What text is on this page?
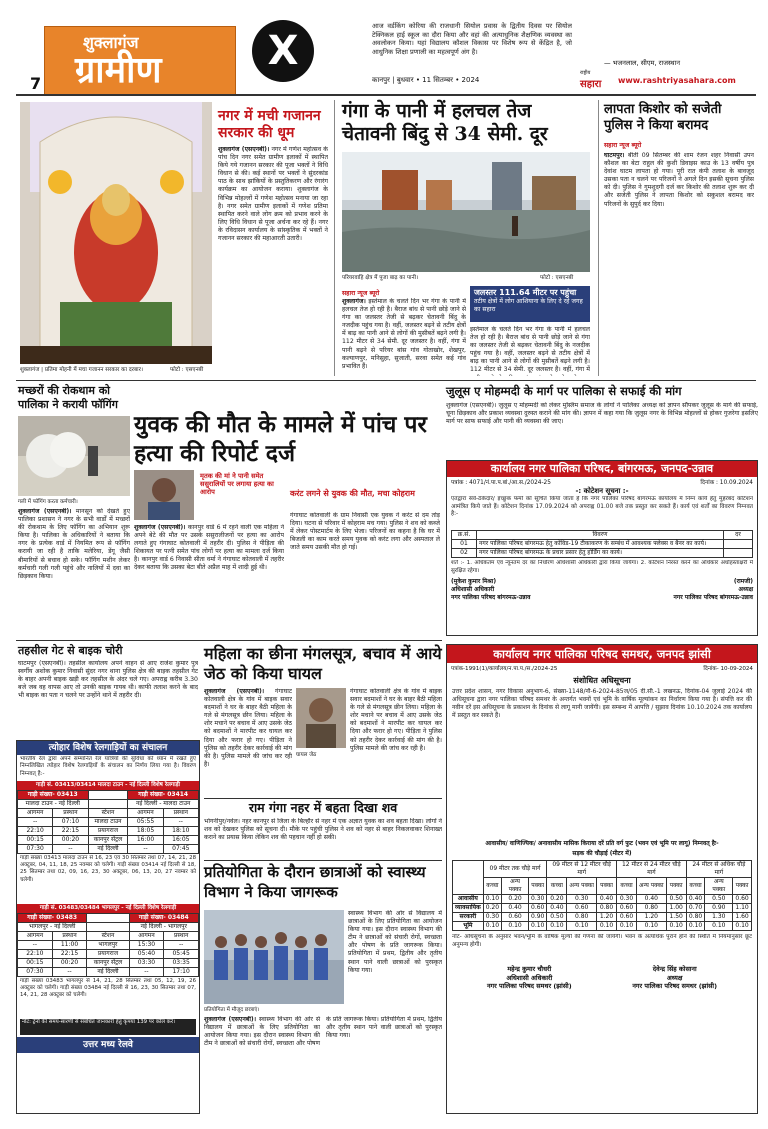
शुक्लागंज
ग्रामीण
7
X
आज वर्डकिंग कोरिया की राजधानी सियोल प्रवास के द्वितीय दिवस पर सियोल टेक्निकल हाई स्कूल का दौरा किया और वहां की अत्याधुनिक शैक्षणिक व्यवस्था का अवलोकन किया। यहां विद्यालय कौशल विकास पर विशेष रूप से केंद्रित है, जो आधुनिक शिक्षा प्रणाली का महत्वपूर्ण अंग है।
— भजनलाल, सीएम, राजस्थान
कानपुर | बुधवार • 11 सितम्बर • 2024
राष्ट्रीय
सहारा www.rashtriyasahara.com
शुक्लागंज | प्रतिमा मोहनी में मचा गजानन सरकार का दरबार।	फोटो : एसएनबी
नगर में मची गजानन सरकार की धूम
शुक्लागंज (एसएनबी)। नगर में गणेश महोत्सव के पांच दिन नगर समेत ग्रामीण इलाकों में स्थापित किये गये गजानन सरकार की पूजा भक्तों ने विधि विधान से की। कई स्थानों पर भक्तों ने सुंदरकांड पाठ के साथ झांकियों के प्रस्तुतिकरण और रंगारंग कार्यक्रम का आयोजन कराया। शुक्लागंज के विभिन्न मोहल्लों में गणेश महोत्सव मनाया जा रहा है। नगर समेत ग्रामीण इलाकों में गणेश प्रतिमा स्थापित करने वाले लोग क्रम को प्रभाव करने के लिए विधि विधान से पूजा अर्चना कर रहे हैं। नगर के रविदासन कार्यालय के सांस्कृतिक में भक्तों ने गजानन सरकार की महाआरती उतारी।
गंगा के पानी में हलचल तेज चेतावनी बिंदु से 34 सेमी. दूर
परियरवाहि क्षेत्र में पूजा बाढ़ का पानी।	फोटो : एसएनबी
सहारा न्यूज ब्यूरो	जलस्तर 111.64 मीटर पर पहुंचा
तटीय क्षेत्रों में लोग आशियाना के लिए दे रहे जगह का सहारा
शुक्लागंज। इस्तेमाल के चलते दिन भर गंगा के पानी में हलचल तेज हो रही है। बैराज बांध से पानी छोड़े जाने से गंगा का जलस्तर तेजी से बढ़कर चेतावनी बिंदु के नजदीक पहुंच गया है। वहीं, जलस्तर बढ़ने से तटीय क्षेत्रों में बाढ़ का पानी आने से लोगों की मुसीबतें बढ़ने लगी है। 112 मीटर से 34 सेमी. दूर जलस्तर है। वहीं, गंगा में पानी बढ़ने से परियर बांस गांव गोताखोर, शेखपुर, कल्याणपुर, मनिसुहा, सुजाती, सरवा समेत कई गांव प्रभावित हैं।
इस्तेमाल के चलते दिन भर गंगा के पानी में हलचल तेज हो रही है। बैराज बांध से पानी छोड़े जाने से गंगा का जलस्तर तेजी से बढ़कर चेतावनी बिंदु के नजदीक पहुंच गया है। वहीं, जलस्तर बढ़ने से तटीय क्षेत्रों में बाढ़ का पानी आने से लोगों की मुसीबतें बढ़ने लगी है। 112 मीटर से 34 सेमी. दूर जलस्तर है। वहीं, गंगा में
लापता किशोर को सजेती पुलिस ने किया बरामद
सहारा न्यूज ब्यूरो
घाटमपुर। बीती 09 सितम्बर की शाम रंजन शहर निवासी उपन कौशल का बेटा राहुल की कुशी डिवाइस काउ के 13 वर्षीय पुत्र देवांश घाटम लापता हो गया। पूरी रात कंपी तलाश के बावजूद उसका पता न चलने पर परिजनों ने अगले दिन इसकी सूचना पुलिस को दी। पुलिस ने गुमशुदगी दर्ज कर किशोर की तलाश शुरू कर दी और सजेती पुलिस ने लापता किशोर को सकुशल बरामद कर परिजनों के सुपुर्द कर दिया।
मच्छरों की रोकथाम को पालिका ने करायी फॉगिंग
गली में फॉगिंग करता कर्मचारी।
शुक्लागंज (एसएनबी)। मानसून को देखते हुए पालिका प्रशासन ने नगर के सभी वार्डों में मच्छरों की रोकथाम के लिए फॉगिंग का अभियान शुरू किया है। पालिका के अधिकारियों ने बताया कि नगर के प्रत्येक वार्ड में नियमित रूप से फॉगिंग करायी जा रही है ताकि मलेरिया, डेंगू जैसी बीमारियों से बचाव हो सके। फॉगिंग मशीन लेकर कर्मचारी गली गली पहुंचे और नालियों में दवा का छिड़काव किया।
युवक की मौत के मामले में पांच पर हत्या की रिपोर्ट दर्ज
मृतक की मां ने पानी समेत ससुरालियों पर लगाया हत्या का आरोप
शुक्लागंज (एसएनबी)। कानपुर वार्ड 6 में रहने वाली एक महिला ने अपने बेटे की मौत पर उसके ससुरालीजनों पर हत्या का आरोप लगाते हुए गंगाघाट कोतवाली में तहरीर दी। पुलिस ने पीड़िता की शिकायत पर पत्नी समेत पांच लोगों पर हत्या का मामला दर्ज किया है। कानपुर वार्ड 6 निवासी सीता वर्मा ने गंगाघाट कोतवाली में तहरीर देकर बताया कि उसका बेटा बीते अप्रैल माह में शादी हुई थी।
करंट लगने से युवक की मौत, मचा कोहराम
गंगाघाट कोतवाली के ग्राम निवासी एक युवक ने करंट से दम तोड़ दिया। घटना से परिवार में कोहराम मच गया। पुलिस ने शव को कब्जे में लेकर पोस्टमार्टम के लिए भेजा। परिजनों का कहना है कि घर में बिजली का काम करते समय युवक को करंट लगा और अस्पताल ले जाते समय उसकी मौत हो गई।
जुलूस ए मोहम्मदी के मार्ग पर पालिका से सफाई की मांग
शुक्लागंज (एसएनबी)। जुलूस ए मोहम्मदी को लेकर मुस्लिम समाज के लोगों ने पालिका अध्यक्ष को ज्ञापन सौंपकर जुलूस के मार्ग की सफाई, चूना छिड़काव और प्रकाश व्यवस्था दुरुस्त कराने की मांग की। ज्ञापन में कहा गया कि जुलूस नगर के विभिन्न मोहल्लों से होकर गुजरेगा इसलिए मार्ग पर साफ सफाई और पानी की व्यवस्था की जाए।
कार्यालय नगर पालिका परिषद, बांगरमऊ, जनपद-उन्नाव
पत्रांक : 4071/नं.पा.प.बां./आ.स./2024-25	दिनांक : 10.09.2024
-: कोटेशन सूचना :-
एतद्वारा सर्व-ठेकेदार/ इच्छुक फर्मों को सूचित किया जाता है कि नगर पालिका परिषद बांगरमऊ कार्यालय में निम्न कार्य हेतु मुहरबंद कोटेशन आमंत्रित किये जाते हैं। कोटेशन दिनांक 17.09.2024 को अपराह्न 01.00 बजे तक प्रस्तुत कर सकते हैं। कार्य एवं शर्तों का विवरण निम्नवत है:-
क्र.सं.	विवरण	दर
01	नगर पालिका परिषद बांगरमऊ हेतु कोविड-19 टीकाकरण के सम्बंध में आवश्यक फ्लेक्स व बैनर का कार्य।	
02	नगर पालिका परिषद बांगरमऊ के प्रचार प्रसार हेतु होर्डिंग का कार्य।	
शर्तें :- 1. अधिकतम एवं न्यूनतम दर का निर्धारण अधिशासी अधिकारी द्वारा किया जायेगा। 2. कोटेशन निरस्त करने का अधिकार अधोहस्ताक्षरी में सुरक्षित रहेगा।
(मुकेश कुमार मिश्रा)
अधिशासी अधिकारी
नगर पालिका परिषद बांगरमऊ-उन्नाव
(रामजी)
अध्यक्ष
नगर पालिका परिषद बांगरमऊ-उन्नाव
तहसील गेट से बाइक चोरी
घाटमपुर (एसएनबी)। तहसील कार्यालय अपने वाहन से आए राजेश कुमार पुत्र स्वर्गीय अशोक कुमार निवासी सुंदर नगर थाना पुलिस क्षेत्र की बाइक तहसील गेट के बाहर अपनी बाइक खड़ी कर तहसील के अंदर चले गए। अपराह्न करीब 3.30 बजे जब वह वापस आए तो उनकी बाइक गायब थी। काफी तलाश करने के बाद भी बाइक का पता न चलने पर उन्होंने थाने में तहरीर दी।
महिला का छीना मंगलसूत्र, बचाव में आये जेठ को किया घायल
घायल जेठ
शुक्लागंज (एसएनबी)। गंगाघाट कोतवाली क्षेत्र के गांव में बाइक सवार बदमाशों ने घर के बाहर बैठी महिला के गले से मंगलसूत्र छीन लिया। महिला के शोर मचाने पर बचाव में आए उसके जेठ को बदमाशों ने मारपीट कर घायल कर दिया और फरार हो गए। पीड़िता ने पुलिस को तहरीर देकर कार्रवाई की मांग की है। पुलिस मामले की जांच कर रही है।
गंगाघाट कोतवाली क्षेत्र के गांव में बाइक सवार बदमाशों ने घर के बाहर बैठी महिला के गले से मंगलसूत्र छीन लिया। महिला के शोर मचाने पर बचाव में आए उसके जेठ को बदमाशों ने मारपीट कर घायल कर दिया और फरार हो गए। पीड़िता ने पुलिस को तहरीर देकर कार्रवाई की मांग की है। पुलिस मामले की जांच कर रही है।
त्योहार विशेष रेलगाड़ियों का संचालन
भारतीय रेल द्वारा अपने सम्मानित रेल यात्रियों की सुविधा को ध्यान में रखते हुए निम्नलिखित त्योहार विशेष रेलगाड़ियों के संचालन का निर्णय लिया गया है। विवरण निम्नवत् है:-
गाड़ी सं. 03413/03414 मालदा टाउन - नई दिल्ली विशेष रेलगाड़ी
गाड़ी संख्या- 03413			गाड़ी संख्या- 03414	
मालदा टाउन - नई दिल्ली			नई दिल्ली - मालदा टाउन	
आगमन	प्रस्थान	स्टेशन	आगमन	प्रस्थान
--	07:10	मालदा टाउन	05:55	--
22:10	22:15	प्रयागराज	18:05	18:10
00:15	00:20	कानपुर सेंट्रल	16:00	16:05
07:30	--	नई दिल्ली	--	07:45
गाड़ी संख्या 03413 मालदा टाउन से 16, 23 एवं 30 सितम्बर तथा 07, 14, 21, 28 अक्टूबर, 04, 11, 18, 25 नवम्बर को चलेगी। गाड़ी संख्या 03414 नई दिल्ली से 18, 25 सितम्बर तथा 02, 09, 16, 23, 30 अक्टूबर, 06, 13, 20, 27 नवम्बर को चलेगी।
गाड़ी सं. 03483/03484 भागलपुर - नई दिल्ली विशेष रेलगाड़ी
गाड़ी संख्या- 03483			गाड़ी संख्या- 03484	
भागलपुर - नई दिल्ली			नई दिल्ली - भागलपुर	
आगमन	प्रस्थान	स्टेशन	आगमन	प्रस्थान
--	11:00	भागलपुर	15:30	--
22:10	22:15	प्रयागराज	05:40	05:45
00:15	00:20	कानपुर सेंट्रल	03:30	03:35
07:30	--	नई दिल्ली	--	17:10
गाड़ी संख्या 03483 भागलपुर से 14, 21, 28 सितम्बर तथा 05, 12, 19, 26 अक्टूबर को चलेगी। गाड़ी संख्या 03484 नई दिल्ली से 16, 23, 30 सितम्बर तथा 07, 14, 21, 28 अक्टूबर को चलेगी।
नोट: ट्रेनों की समय-सारणी से संबंधित जानकारी हेतु कृपया 139 पर कॉल करें।
उत्तर मध्य रेलवे
राम गंगा नहर में बहता दिखा शव
भोगनीपुर/नर्वल। नहर कानपुर से जिला के बिल्हौर से नहर में एक अज्ञात युवक का शव बहता दिखा। लोगों ने शव को देखकर पुलिस को सूचना दी। मौके पर पहुंची पुलिस ने शव को नहर से बाहर निकलवाकर शिनाख्त कराने का प्रयास किया लेकिन शव की पहचान नहीं हो सकी।
प्रतियोगिता के दौरान छात्राओं को स्वास्थ्य विभाग ने किया जागरूक
प्रतियोगिता में मौजूद छात्राएं।
स्वास्थ्य विभाग की ओर से विद्यालय में छात्राओं के लिए प्रतियोगिता का आयोजन किया गया। इस दौरान स्वास्थ्य विभाग की टीम ने छात्राओं को संचारी रोगों, स्वच्छता और पोषण के प्रति जागरूक किया। प्रतियोगिता में प्रथम, द्वितीय और तृतीय स्थान पाने वाली छात्राओं को पुरस्कृत किया गया।
शुक्लागंज (एसएनबी)। स्वास्थ्य विभाग की ओर से विद्यालय में छात्राओं के लिए प्रतियोगिता का आयोजन किया गया। इस दौरान स्वास्थ्य विभाग की टीम ने छात्राओं को संचारी रोगों, स्वच्छता और पोषण के प्रति जागरूक किया। प्रतियोगिता में प्रथम, द्वितीय और तृतीय स्थान पाने वाली छात्राओं को पुरस्कृत किया गया।
कार्यालय नगर पालिका परिषद समथर, जनपद झांसी
पत्रांक-1991(1)/कार्यालय/न.पा.प./स./2024-25	दिनांक- 10-09-2024
संशोधित अधिसूचना
उत्तर प्रदेश शासन, नगर विकास अनुभाग-6, संख्या-1148/नौ-6-2024-85ज/05 दी.सी.-1 लखनऊ, दिनांक-04 जुलाई 2024 की अधिसूचना द्वारा नगर पालिका परिषद समथर के अन्तर्गत भवनों एवं भूमि के वार्षिक मूल्यांकन का निर्धारण किया गया है। संपत्ति कर की नवीन दरें इस अधिसूचना के प्रकाशन के दिनांक से लागू मानी जायेंगी। इस सम्बन्ध में आपत्ति / सुझाव दिनांक 10.10.2024 तक कार्यालय में प्रस्तुत कर सकते हैं।
आवासीय/ वाणिज्यिक/ अनावासीय मासिक किराया दरें प्रति वर्ग फुट (भवन एवं भूमि पर लागू) निम्नवत् हैः-
सड़क की चौड़ाई (मीटर में)
	09 मीटर तक चौड़े मार्ग			09 मीटर से 12 मीटर चौड़े मार्ग			12 मीटर से 24 मीटर चौड़े मार्ग			24 मीटर से अधिक चौड़े मार्ग		
	कच्चा	अन्य पक्का	पक्का	कच्चा	अन्य पक्का	पक्का	कच्चा	अन्य पक्का	पक्का	कच्चा	अन्य पक्का	पक्का
आवासीय	0.10	0.20	0.30	0.20	0.30	0.40	0.30	0.40	0.50	0.40	0.50	0.60
व्यावसायिक	0.20	0.40	0.60	0.40	0.60	0.80	0.60	0.80	1.00	0.70	0.90	1.10
सरकारी	0.30	0.60	0.90	0.50	0.80	1.20	0.60	1.20	1.50	0.80	1.30	1.60
भूमि	0.10	0.10	0.10	0.10	0.10	0.10	0.10	0.10	0.10	0.10	0.10	0.10
नोट- अधिसूचना के अनुसार भवन/भूमि के वार्षिक मूल्यों की गणना की जायेगी। भवन के अत्यधिक पुराने होने की स्थिति में नियमानुसार छूट अनुमन्य होगी।
महेन्द्र कुमार चौधरी
अधिशासी अधिकारी
नगर पालिका परिषद समथर (झांसी)
देवेन्द्र सिंह कोसाना
अध्यक्ष
नगर पालिका परिषद समथर (झांसी)
